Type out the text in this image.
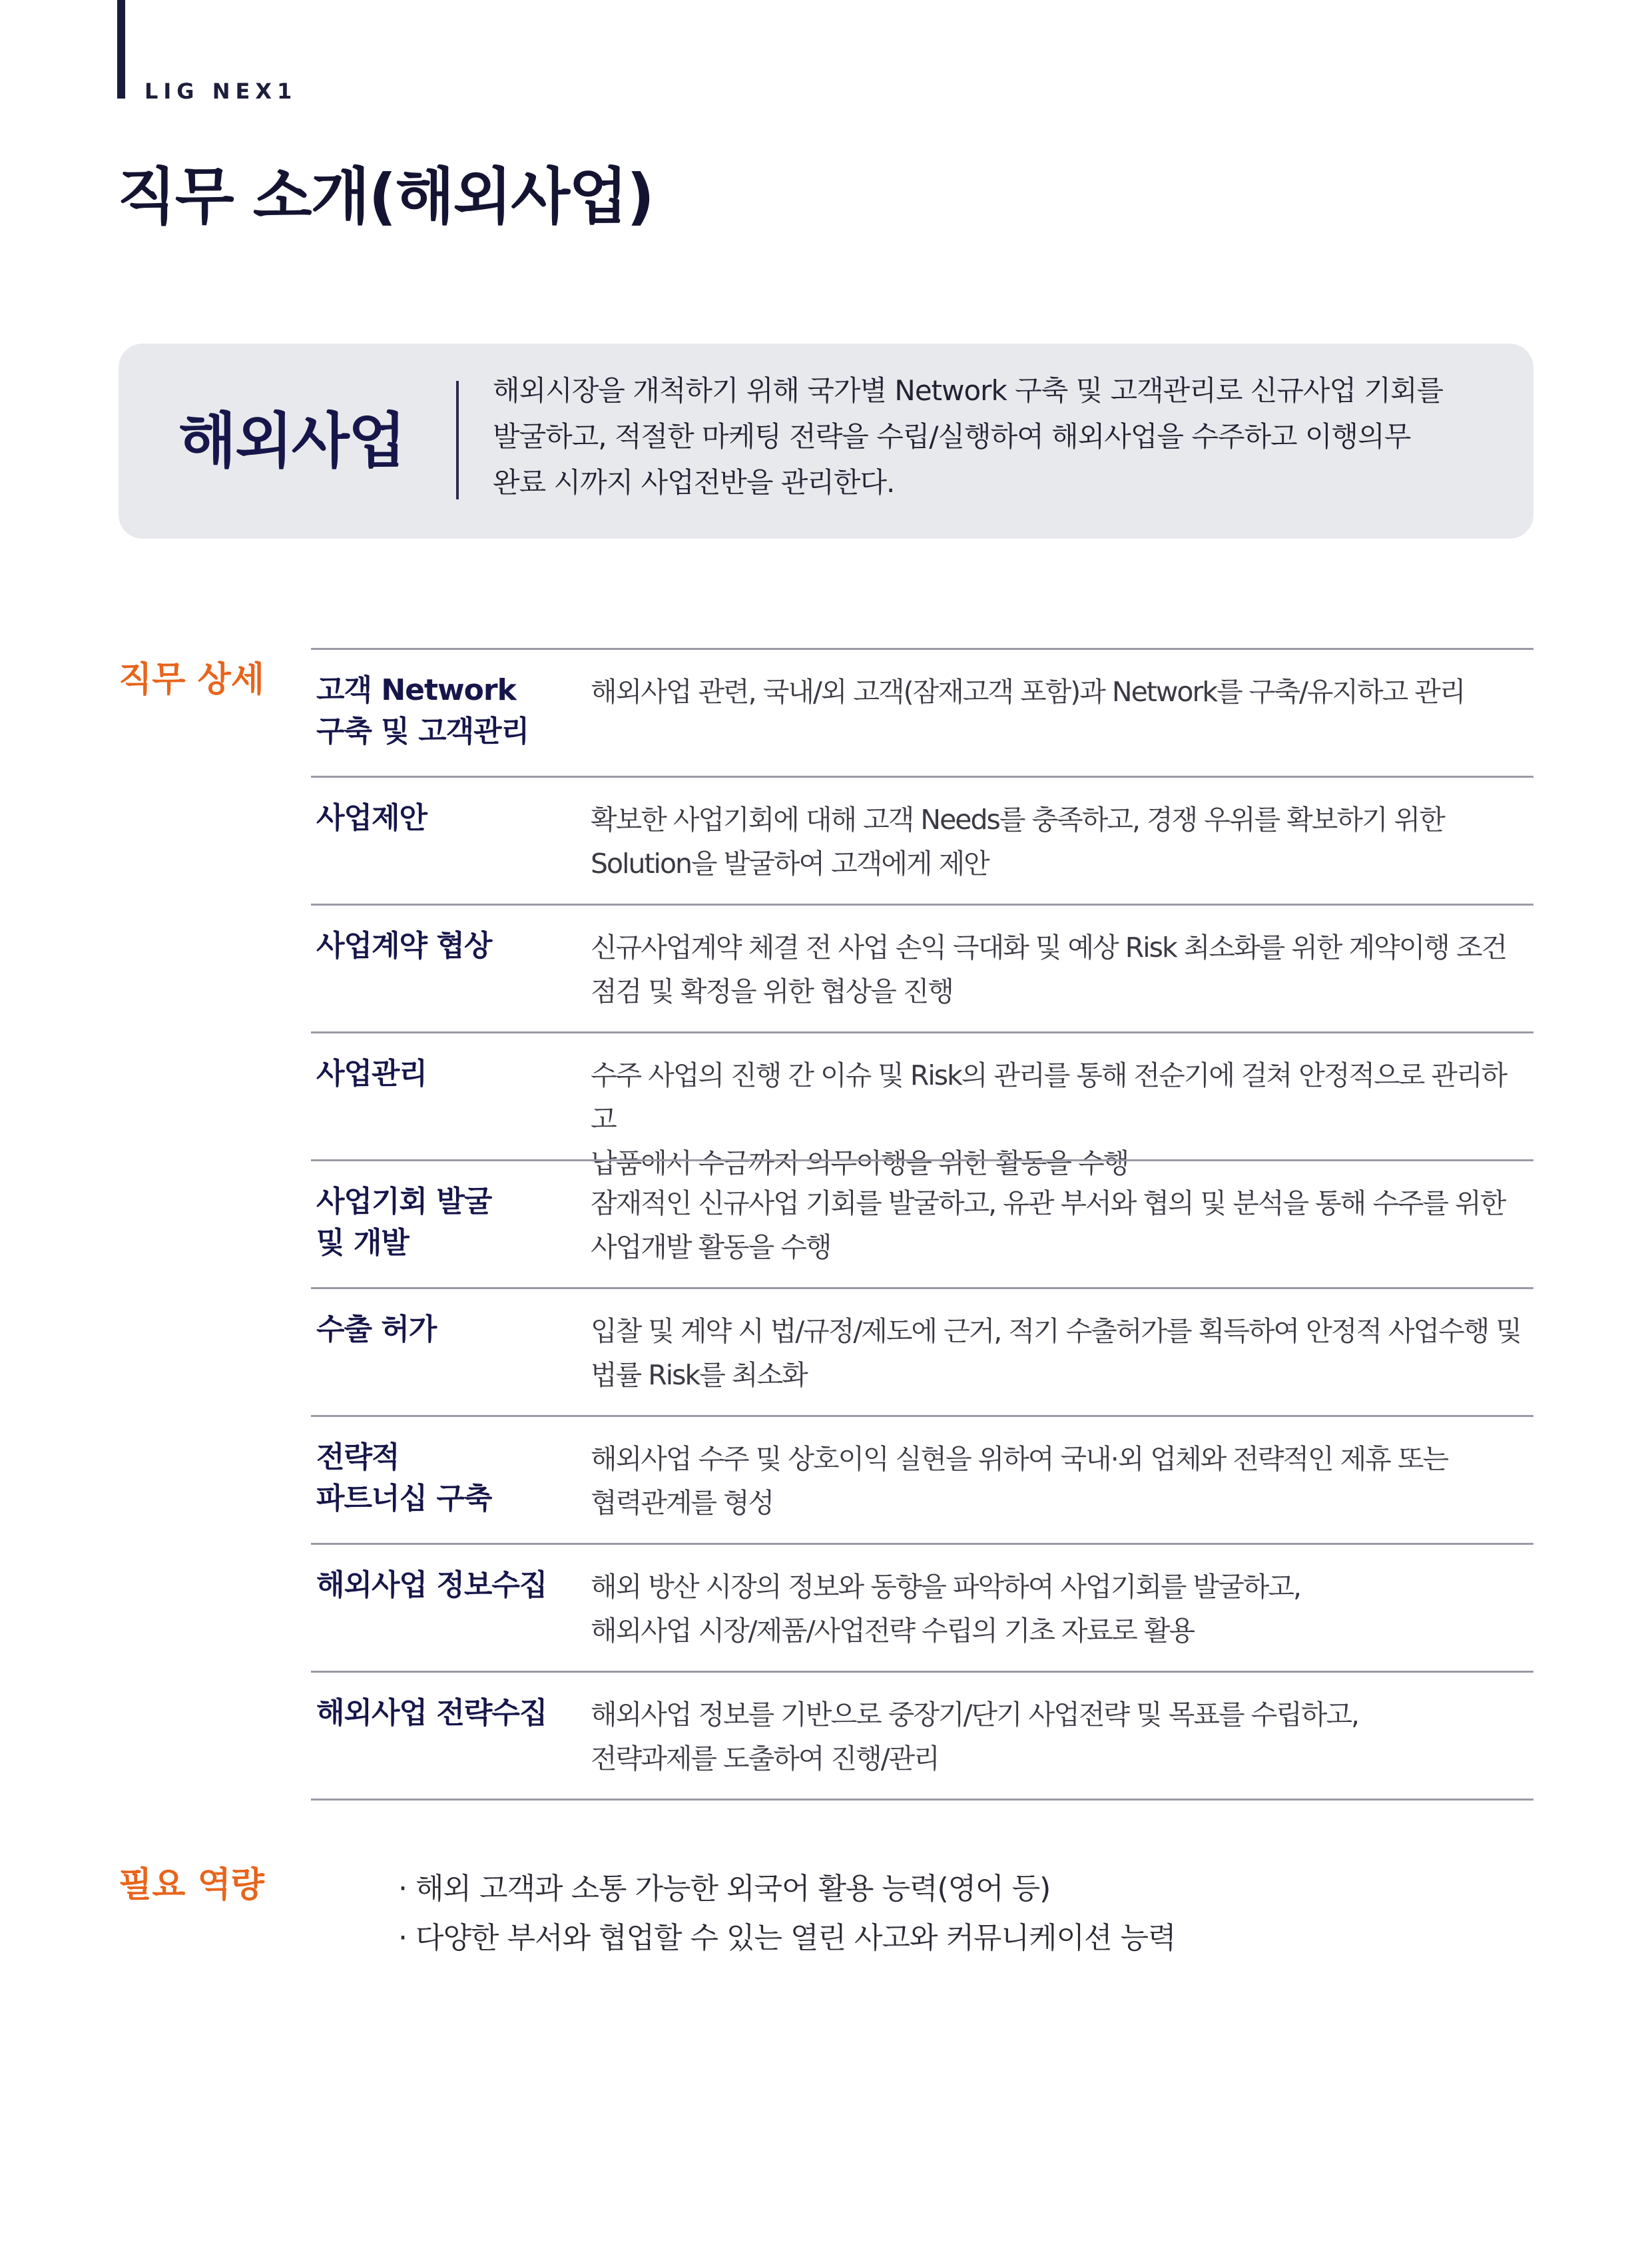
LIG NEX1
직무 소개(해외사업)
해외사업
해외시장을 개척하기 위해 국가별 Network 구축 및 고객관리로 신규사업 기회를
발굴하고, 적절한 마케팅 전략을 수립/실행하여 해외사업을 수주하고 이행의무
완료 시까지 사업전반을 관리한다.
직무 상세 고객 Network
구축 및 고객관리
해외사업 관련, 국내/외 고객(잠재고객 포함)과 Network를 구축/유지하고 관리
사업제안	확보한 사업기회에 대해 고객 Needs를 충족하고, 경쟁 우위를 확보하기 위한
Solution을 발굴하여 고객에게 제안
사업계약 협상	신규사업계약 체결 전 사업 손익 극대화 및 예상 Risk 최소화를 위한 계약이행 조건
점검 및 확정을 위한 협상을 진행
사업관리	수주 사업의 진행 간 이슈 및 Risk의 관리를 통해 전순기에 걸쳐 안정적으로 관리하고
납품에서 수금까지 의무이행을 위한 활동을 수행
사업기회 발굴
및 개발
잠재적인 신규사업 기회를 발굴하고, 유관 부서와 협의 및 분석을 통해 수주를 위한
사업개발 활동을 수행
수출 허가	입찰 및 계약 시 법/규정/제도에 근거, 적기 수출허가를 획득하여 안정적 사업수행 및
법률 Risk를 최소화
전략적
파트너십 구축
해외사업 수주 및 상호이익 실현을 위하여 국내·외 업체와 전략적인 제휴 또는
협력관계를 형성
해외사업 정보수집	해외 방산 시장의 정보와 동향을 파악하여 사업기회를 발굴하고,
해외사업 시장/제품/사업전략 수립의 기초 자료로 활용
해외사업 전략수집	해외사업 정보를 기반으로 중장기/단기 사업전략 및 목표를 수립하고,
전략과제를 도출하여 진행/관리
필요 역량
·	해외 고객과 소통 가능한 외국어 활용 능력(영어 등)
· 다양한 부서와 협업할 수 있는 열린 사고와 커뮤니케이션 능력
